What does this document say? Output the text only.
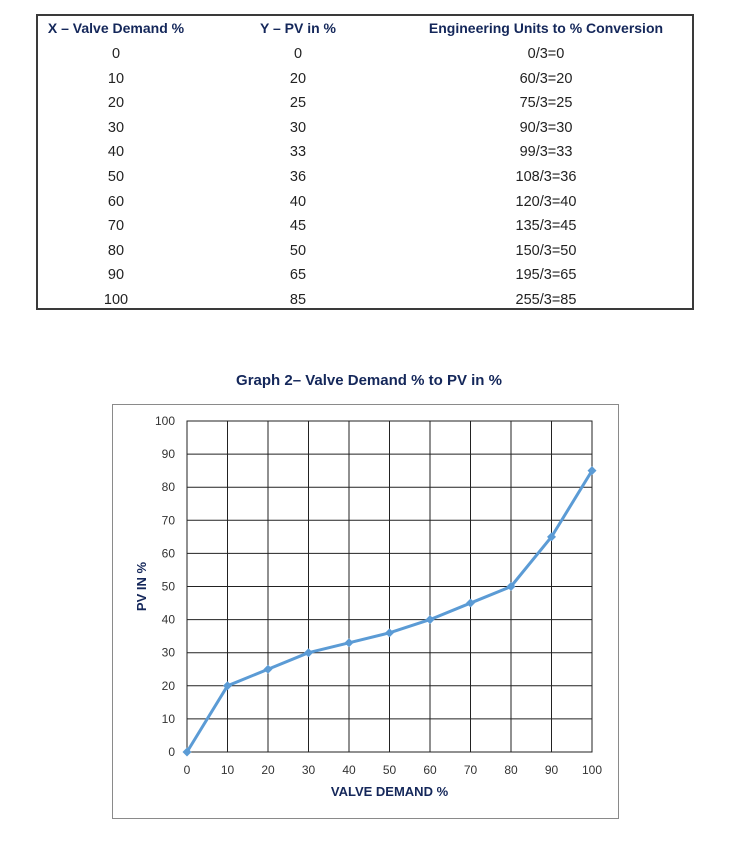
X – Valve Demand %	Y – PV in %	Engineering Units to % Conversion
0	0	0/3=0
10	20	60/3=20
20	25	75/3=25
30	30	90/3=30
40	33	99/3=33
50	36	108/3=36
60	40	120/3=40
70	45	135/3=45
80	50	150/3=50
90	65	195/3=65
100	85	255/3=85
Graph 2– Valve Demand % to PV in %
0	10 20 30 40 50 60 70 80 90 100
0
10
20
30
40
50
60
70
80
90
100
VALVE DEMAND %
PV IN %
